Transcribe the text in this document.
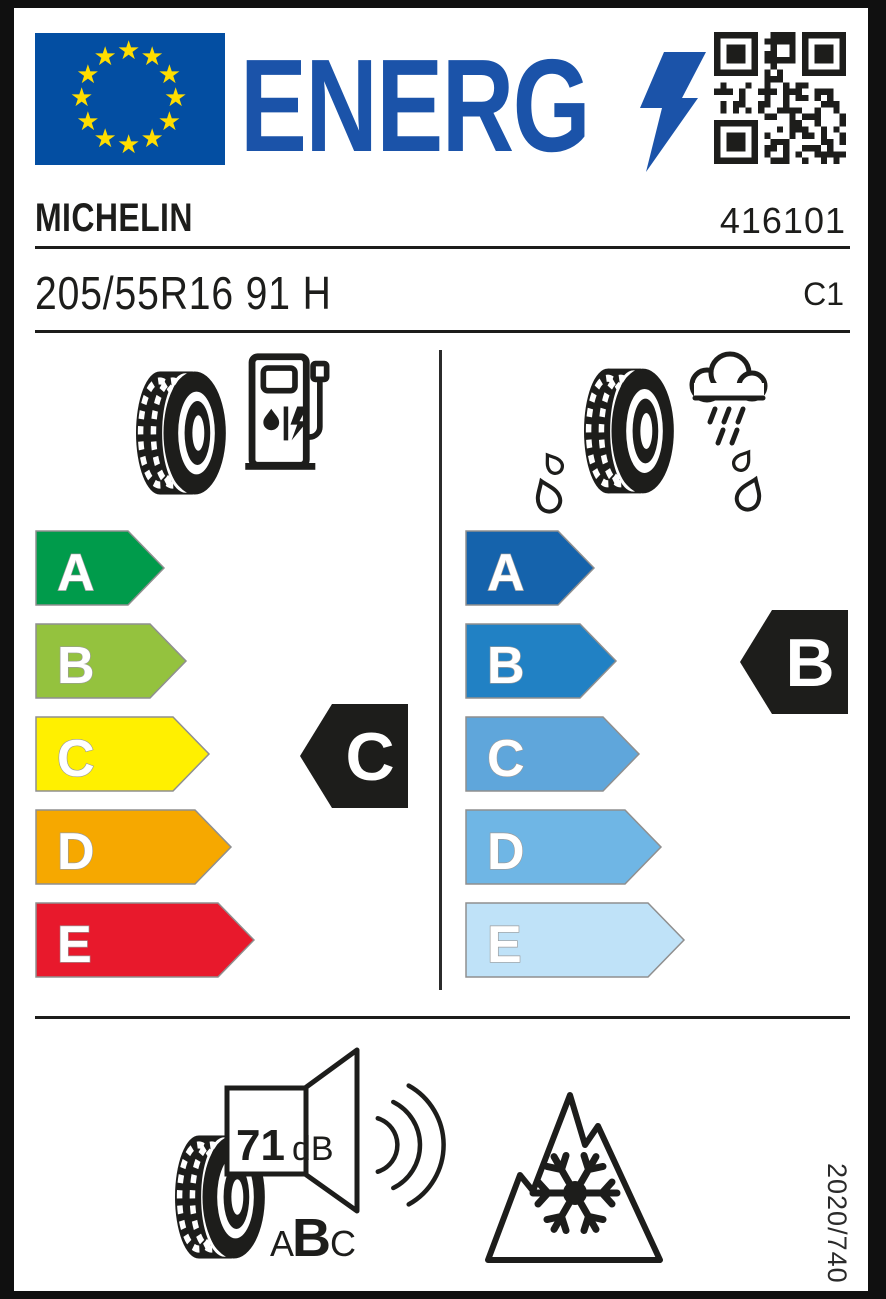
★ ★
★
★
★
★
★
★
★
★
★
★ ENERG
MICHELIN	416101
205/55R16 91 H	C1
A
B
C
D
E
A
B
C
D
E
C
B
71 dB
A
B C	2020/740
